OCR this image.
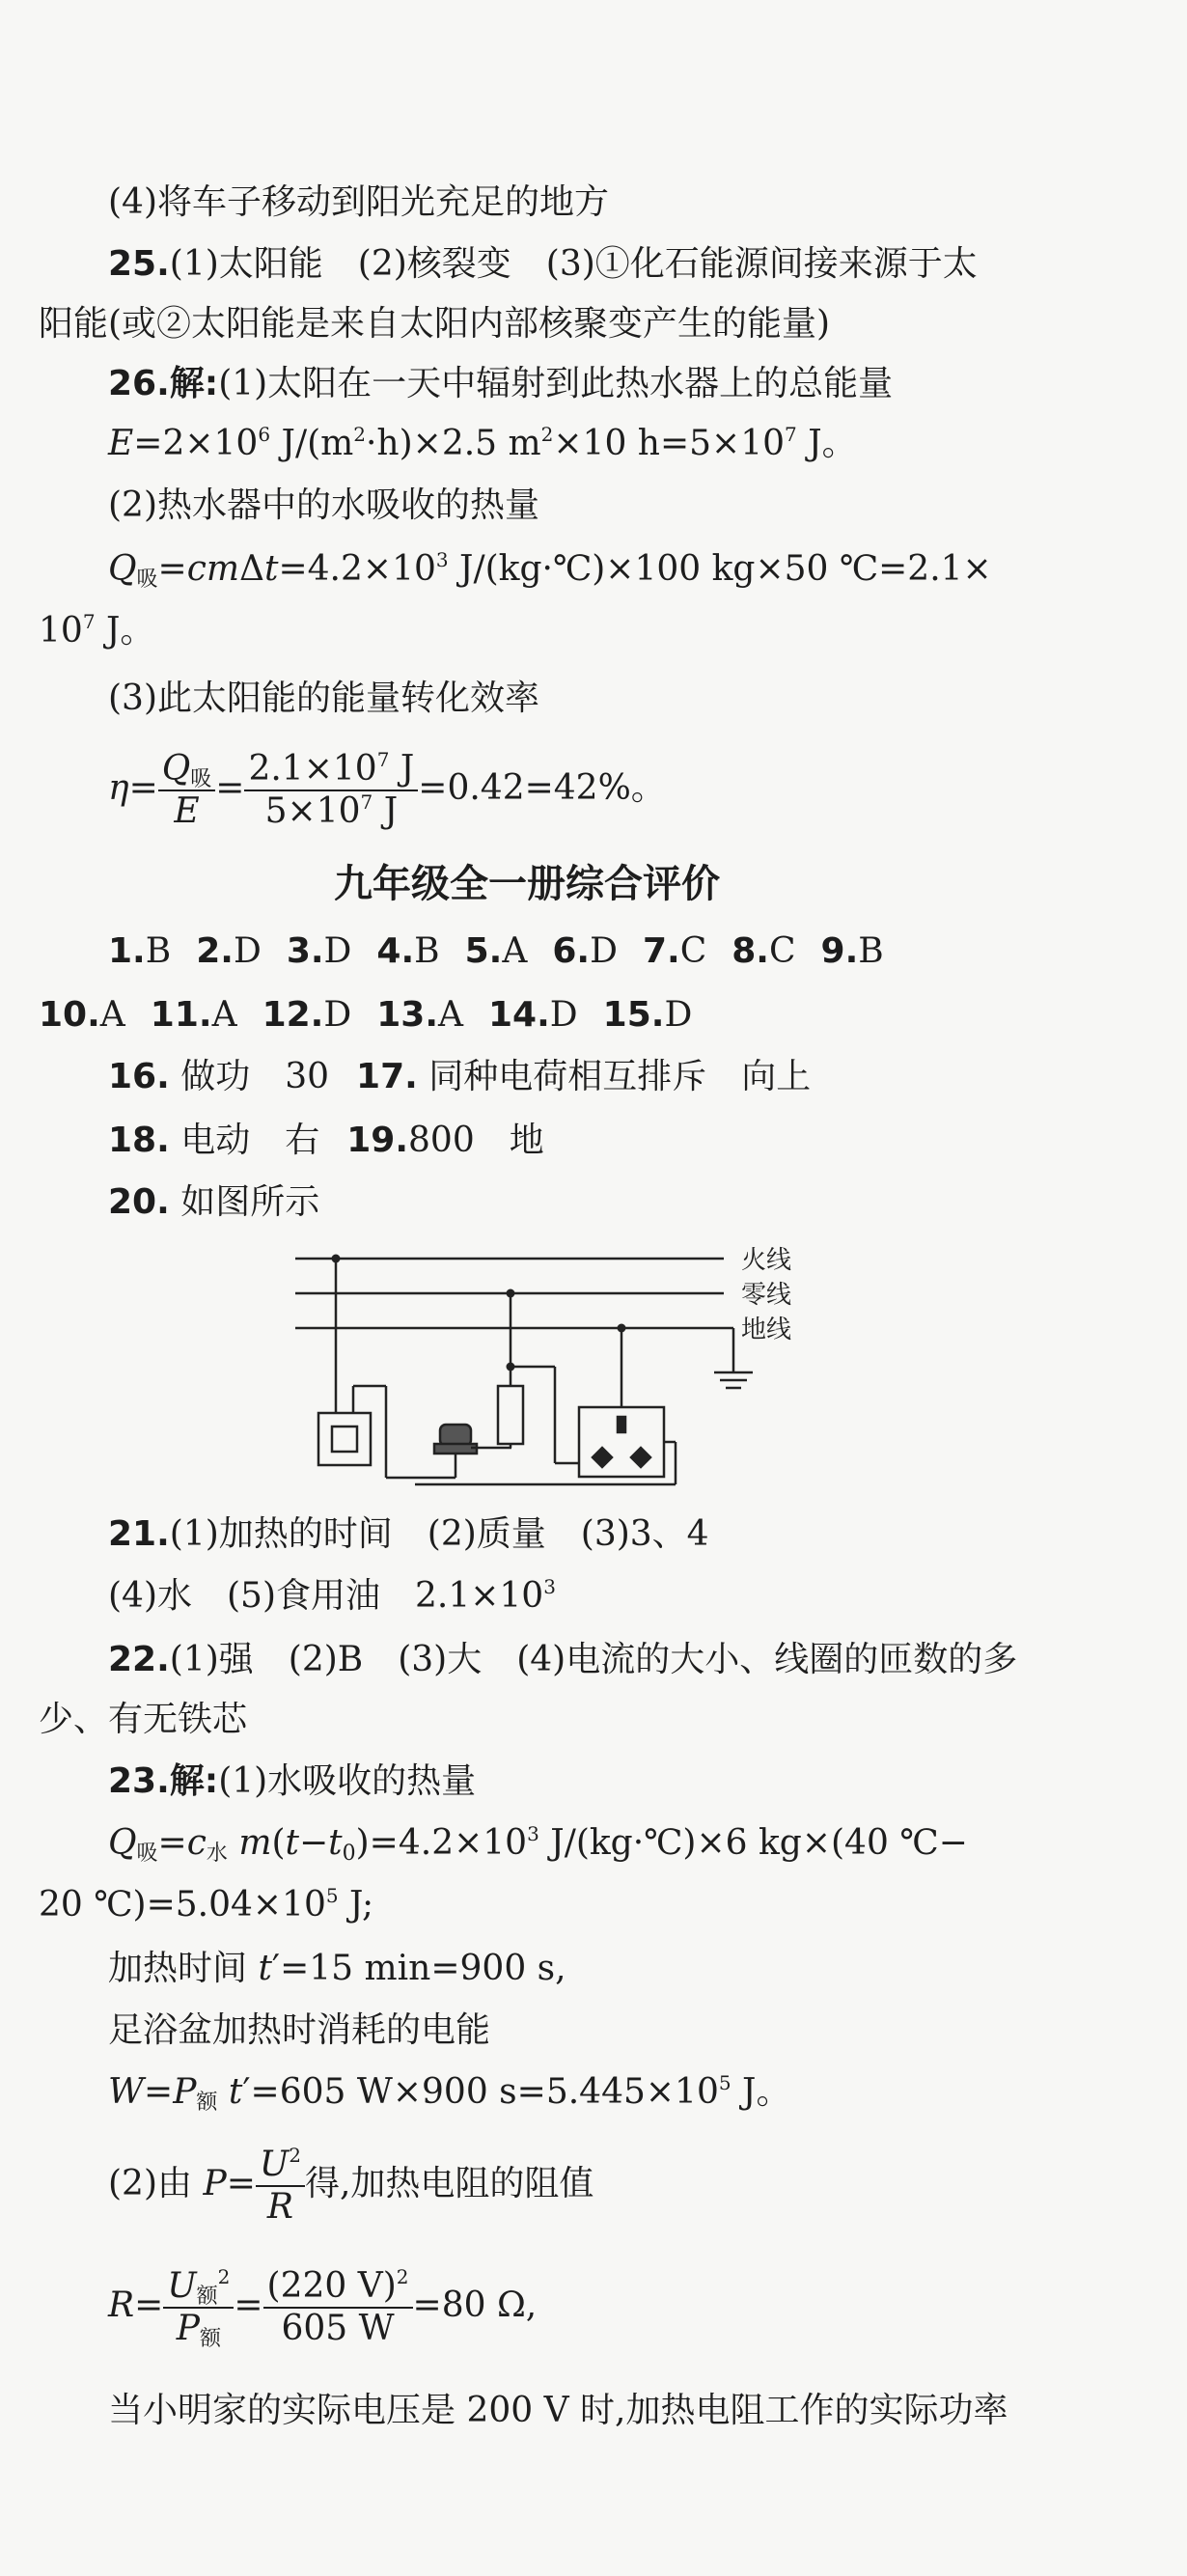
(4)将车子移动到阳光充足的地方
25.(1)太阳能　(2)核裂变　(3)①化石能源间接来源于太
阳能(或②太阳能是来自太阳内部核聚变产生的能量)
26.解:(1)太阳在一天中辐射到此热水器上的总能量
$E=2\times 10^6$ $J/(m^2\cdot h)\times 2.5$ $m^2\times 10$ $h=5\times 10^7$ J。
(2)热水器中的水吸收的热量
$Q_吸=cm\Delta t=4.2\times 10^3$ J/(kg·℃)×100 kg×50 ℃=2.1×
$10^7$ J。
(3)此太阳能的能量转化效率
$\eta= \frac{Q_吸}{E} = \frac{2.1\times 10^7 J}{5\times 10^7 J} =0.42=42\%$。
九年级全一册综合评价
1.B 2.D 3.D 4.B 5.A 6.D 7.C 8.C 9.B
10.A 11.A 12.D 13.A 14.D 15.D
16. 做功　30 17. 同种电荷相互排斥　向上
18. 电动　右 19.800　地
20. 如图所示
火线
零线
地线
21.(1)加热的时间　(2)质量　(3)3、4
(4)水　(5)食用油　$2.1\times 10^3$
22.(1)强　(2)B　(3)大　(4)电流的大小、线圈的匝数的多
少、有无铁芯
23.解:(1)水吸收的热量
$Q_吸=c_水$ $m(t-t_0)=4.2\times 10^3$ J/(kg·℃)×6 kg×(40 ℃−
20 $℃)=5.04\times 10^5$ J;
加热时间 t′=15 min=900 s,
足浴盆加热时消耗的电能
$W=P_额$ t′=605 W×900 $s=5.445\times 10^5$ J。
(2)由 $P= \frac{U^2}{R}$ 得,加热电阻的阻值
$R= \frac{U_额^2}{P_额} = \frac{(220 V)^2}{605 W} =80$ Ω,
当小明家的实际电压是 200 V 时,加热电阻工作的实际功率
